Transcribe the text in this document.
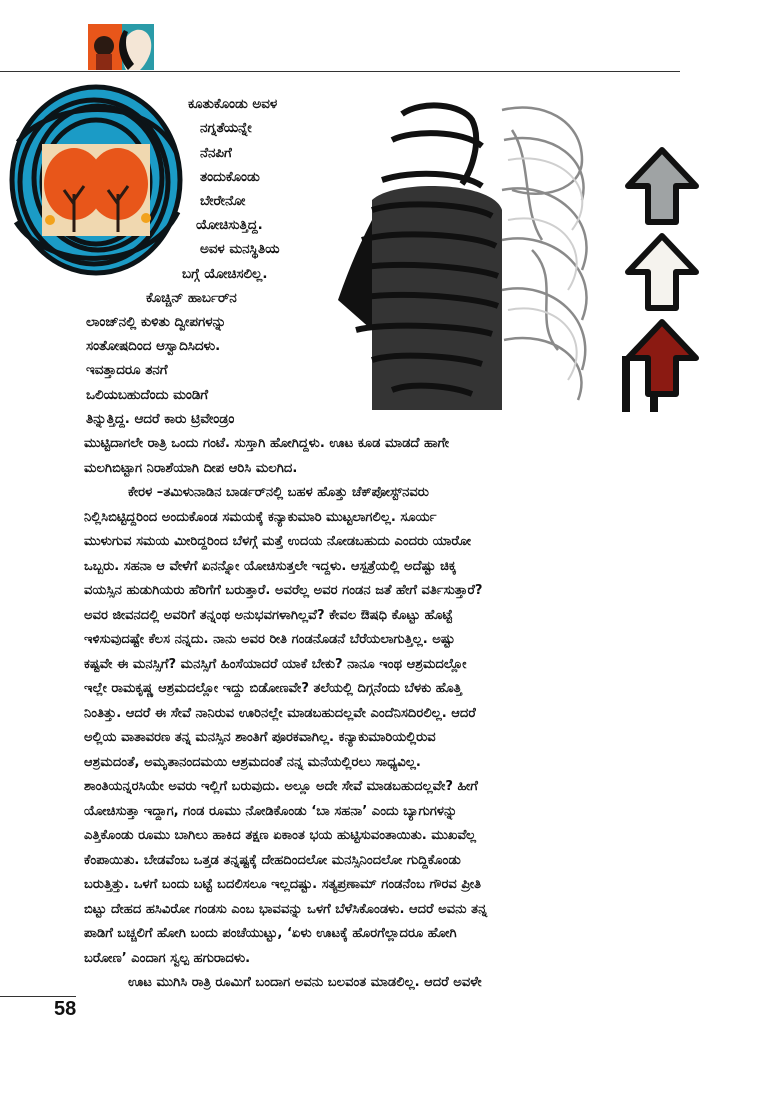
ಕೂತುಕೊಂಡು ಅವಳ
ನಗ್ನತೆಯನ್ನೇ
ನೆನಪಿಗೆ
ತಂದುಕೊಂಡು
ಬೇರೇನೋ
ಯೋಚಿಸುತ್ತಿದ್ದ.
ಅವಳ ಮನಸ್ಥಿತಿಯ
ಬಗ್ಗೆ ಯೋಚಿಸಲಿಲ್ಲ.
ಕೊಚ್ಚಿನ್ ಹಾರ್ಬರ್‌ನ
ಲಾಂಜ್‌ನಲ್ಲಿ ಕುಳಿತು ದ್ವೀಪಗಳನ್ನು
ಸಂತೋಷದಿಂದ ಆಸ್ವಾದಿಸಿದಳು.
ಇವತ್ತಾದರೂ ತನಗೆ
ಒಲಿಯಬಹುದೆಂದು ಮಂಡಿಗೆ
ತಿನ್ನುತ್ತಿದ್ದ. ಆದರೆ ಕಾರು ಟ್ರಿವೇಂಡ್ರಂ
ಮುಟ್ಟಿದಾಗಲೇ ರಾತ್ರಿ ಒಂದು ಗಂಟೆ. ಸುಸ್ತಾಗಿ ಹೋಗಿದ್ದಳು. ಊಟ ಕೂಡ ಮಾಡದೆ ಹಾಗೇ
ಮಲಗಿಬಿಟ್ಟಾಗ ನಿರಾಶೆಯಾಗಿ ದೀಪ ಆರಿಸಿ ಮಲಗಿದ.
ಕೇರಳ –ತಮಿಳುನಾಡಿನ ಬಾರ್ಡರ್‌ನಲ್ಲಿ ಬಹಳ ಹೊತ್ತು ಚೆಕ್‌ಪೋಸ್ಟ್‌ನವರು
ನಿಲ್ಲಿಸಿಬಿಟ್ಟಿದ್ದರಿಂದ ಅಂದುಕೊಂಡ ಸಮಯಕ್ಕೆ ಕನ್ಯಾಕುಮಾರಿ ಮುಟ್ಟಲಾಗಲಿಲ್ಲ. ಸೂರ್ಯ
ಮುಳುಗುವ ಸಮಯ ಮೀರಿದ್ದರಿಂದ ಬೆಳಗ್ಗೆ ಮತ್ತೆ ಉದಯ ನೋಡಬಹುದು ಎಂದರು ಯಾರೋ
ಒಬ್ಬರು. ಸಹನಾ ಆ ವೇಳೆಗೆ ಏನನ್ನೋ ಯೋಚಿಸುತ್ತಲೇ ಇದ್ದಳು. ಆಸ್ಪತ್ರೆಯಲ್ಲಿ ಅದೆಷ್ಟು ಚಿಕ್ಕ
ವಯಸ್ಸಿನ ಹುಡುಗಿಯರು ಹೆರಿಗೆಗೆ ಬರುತ್ತಾರೆ. ಅವರೆಲ್ಲ ಅವರ ಗಂಡನ ಜತೆ ಹೇಗೆ ವರ್ತಿಸುತ್ತಾರೆ?
ಅವರ ಜೀವನದಲ್ಲಿ ಅವರಿಗೆ ತನ್ನಂಥ ಅನುಭವಗಳಾಗಿಲ್ಲವೆ? ಕೇವಲ ಔಷಧಿ ಕೊಟ್ಟು ಹೊಟ್ಟೆ
ಇಳಿಸುವುದಷ್ಟೇ ಕೆಲಸ ನನ್ನದು. ನಾನು ಅವರ ರೀತಿ ಗಂಡನೊಡನೆ ಬೆರೆಯಲಾಗುತ್ತಿಲ್ಲ. ಅಷ್ಟು
ಕಷ್ಟವೇ ಈ ಮನಸ್ಸಿಗೆ? ಮನಸ್ಸಿಗೆ ಹಿಂಸೆಯಾದರೆ ಯಾಕೆ ಬೇಕು? ನಾನೂ ಇಂಥ ಆಶ್ರಮದಲ್ಲೋ
ಇಲ್ಲೇ ರಾಮಕೃಷ್ಣ ಆಶ್ರಮದಲ್ಲೋ ಇದ್ದು ಬಿಡೋಣವೇ? ತಲೆಯಲ್ಲಿ ದಿಗ್ಗನೆಂದು ಬೆಳಕು ಹೊತ್ತಿ
ನಿಂತಿತ್ತು. ಆದರೆ ಈ ಸೇವೆ ನಾನಿರುವ ಊರಿನಲ್ಲೇ ಮಾಡಬಹುದಲ್ಲವೇ ಎಂದೆನಿಸದಿರಲಿಲ್ಲ. ಆದರೆ
ಅಲ್ಲಿಯ ವಾತಾವರಣ ತನ್ನ ಮನಸ್ಸಿನ ಶಾಂತಿಗೆ ಪೂರಕವಾಗಿಲ್ಲ. ಕನ್ಯಾಕುಮಾರಿಯಲ್ಲಿರುವ
ಆಶ್ರಮದಂತೆ, ಅಮೃತಾನಂದಮಯಿ ಆಶ್ರಮದಂತೆ ನನ್ನ ಮನೆಯಲ್ಲಿರಲು ಸಾಧ್ಯವಿಲ್ಲ.
ಶಾಂತಿಯನ್ನರಸಿಯೇ ಅವರು ಇಲ್ಲಿಗೆ ಬರುವುದು. ಅಲ್ಲೂ ಅದೇ ಸೇವೆ ಮಾಡಬಹುದಲ್ಲವೇ? ಹೀಗೆ
ಯೋಚಿಸುತ್ತಾ ಇದ್ದಾಗ, ಗಂಡ ರೂಮು ನೋಡಿಕೊಂಡು ‘ಬಾ ಸಹನಾ’ ಎಂದು ಬ್ಯಾಗುಗಳನ್ನು
ಎತ್ತಿಕೊಂಡು ರೂಮು ಬಾಗಿಲು ಹಾಕಿದ ತಕ್ಷಣ ಏಕಾಂತ ಭಯ ಹುಟ್ಟಿಸುವಂತಾಯಿತು. ಮುಖವೆಲ್ಲ
ಕೆಂಪಾಯಿತು. ಬೇಡವೆಂಬ ಒತ್ತಡ ತನ್ನಷ್ಟಕ್ಕೆ ದೇಹದಿಂದಲೋ ಮನಸ್ಸಿನಿಂದಲೋ ಗುದ್ದಿಕೊಂಡು
ಬರುತ್ತಿತ್ತು. ಒಳಗೆ ಬಂದು ಬಟ್ಟೆ ಬದಲಿಸಲೂ ಇಲ್ಲದಷ್ಟು. ಸತ್ಯಪ್ರಣಾಮ್ ಗಂಡನೆಂಬ ಗೌರವ ಪ್ರೀತಿ
ಬಿಟ್ಟು ದೇಹದ ಹಸಿವಿರೋ ಗಂಡಸು ಎಂಬ ಭಾವವನ್ನು ಒಳಗೆ ಬೆಳೆಸಿಕೊಂಡಳು. ಆದರೆ ಅವನು ತನ್ನ
ಪಾಡಿಗೆ ಬಚ್ಚಲಿಗೆ ಹೋಗಿ ಬಂದು ಪಂಚೆಯುಟ್ಟು, ‘ಏಳು ಊಟಕ್ಕೆ ಹೊರಗೆಲ್ಲಾದರೂ ಹೋಗಿ
ಬರೋಣ’ ಎಂದಾಗ ಸ್ವಲ್ಪ ಹಗುರಾದಳು.
ಊಟ ಮುಗಿಸಿ ರಾತ್ರಿ ರೂಮಿಗೆ ಬಂದಾಗ ಅವನು ಬಲವಂತ ಮಾಡಲಿಲ್ಲ. ಆದರೆ ಅವಳೇ
58
